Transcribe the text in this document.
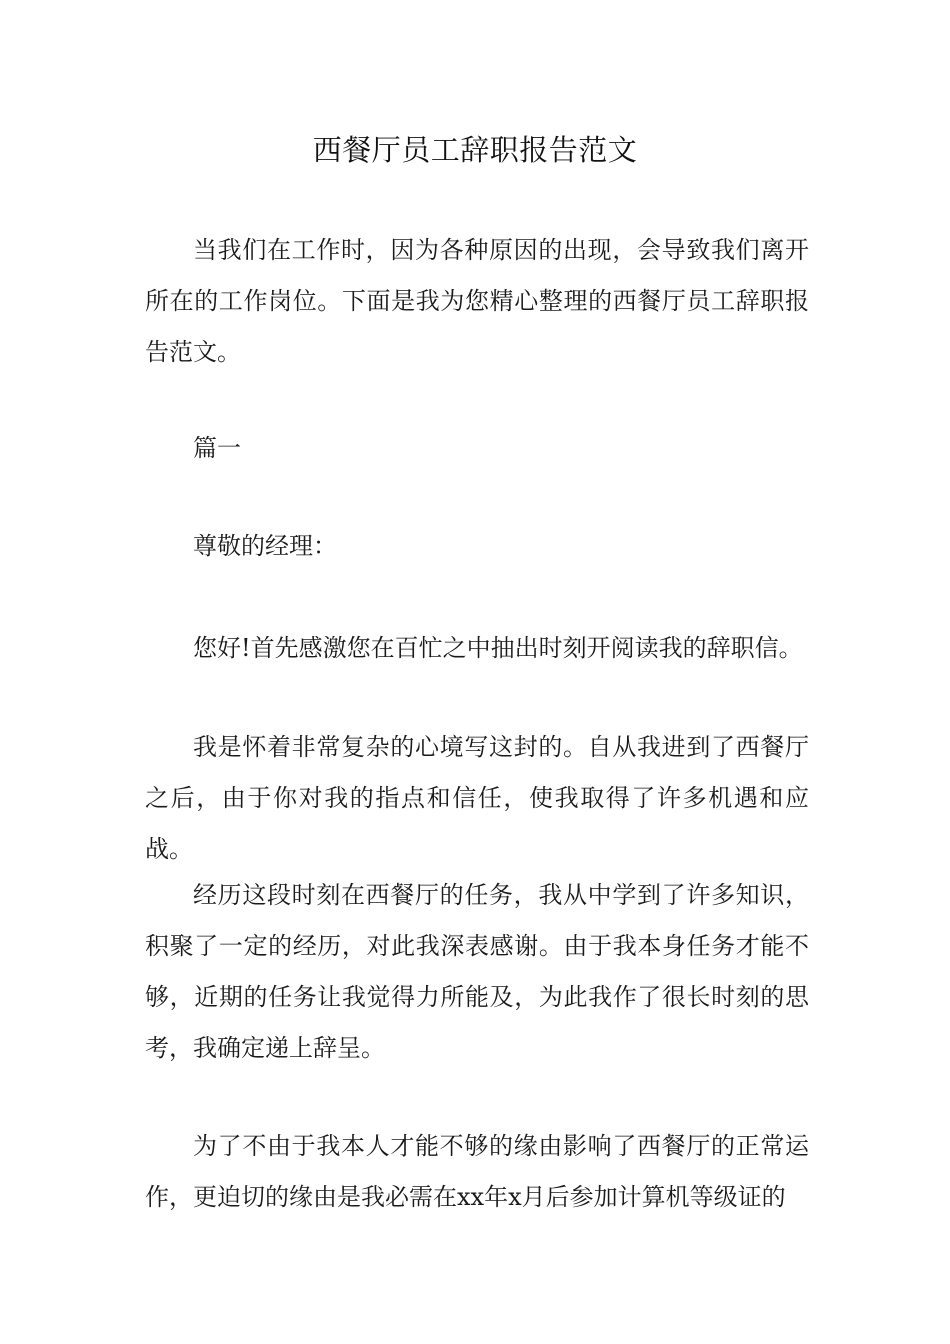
西餐厅员工辞职报告范文

当我们在工作时，因为各种原因的出现，会导致我们离开所在的工作岗位。下面是我为您精心整理的西餐厅员工辞职报告范文。

篇一

尊敬的经理：

您好!首先感激您在百忙之中抽出时刻开阅读我的辞职信。

我是怀着非常复杂的心境写这封的。自从我进到了西餐厅之后，由于你对我的指点和信任，使我取得了许多机遇和应战。

经历这段时刻在西餐厅的任务，我从中学到了许多知识，积聚了一定的经历，对此我深表感谢。由于我本身任务才能不够，近期的任务让我觉得力所能及，为此我作了很长时刻的思考，我确定递上辞呈。

为了不由于我本人才能不够的缘由影响了西餐厅的正常运作，更迫切的缘由是我必需在xx年x月后参加计算机等级证的
